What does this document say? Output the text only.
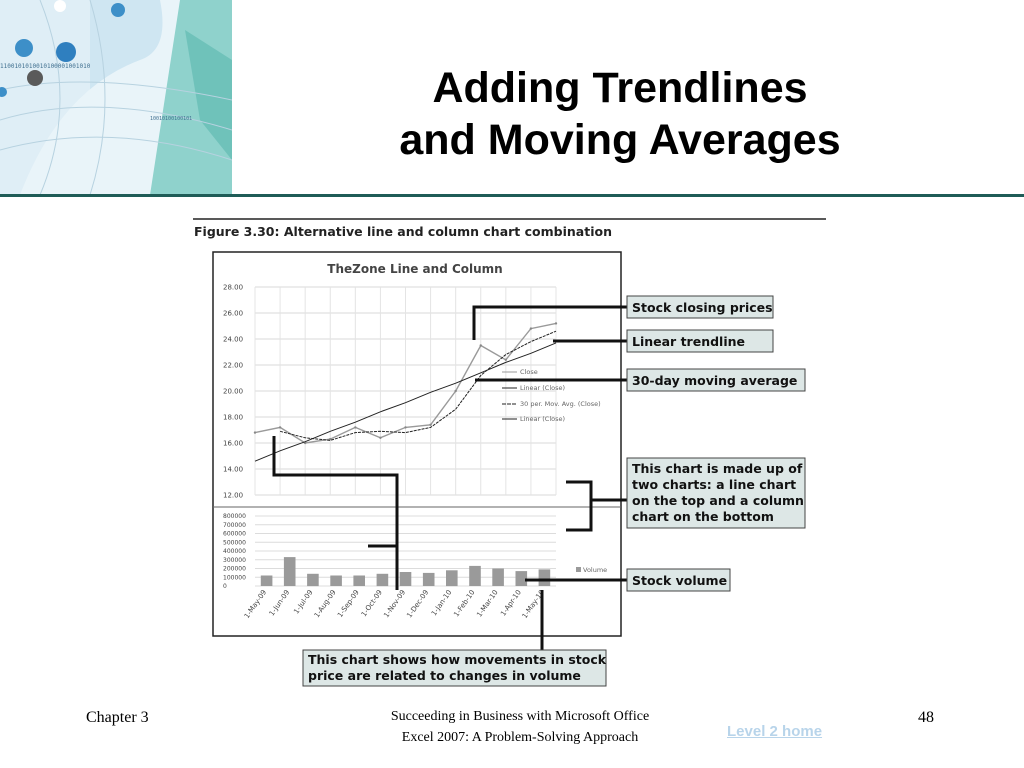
1100101010010100001001010
10010100100101
Adding Trendlines
and Moving Averages
Figure 3.30: Alternative line and column chart combination
TheZone Line and Column
28.00
26.00
24.00
22.00
20.00
18.00
16.00
14.00
12.00
Close
Linear (Close)
30 per. Mov. Avg. (Close)
Linear (Close)
800000
700000
600000
500000
400000
300000
200000
100000
0
Volume
1-May-09 1-Jun-09 1-Jul-09
1-Aug-09
1-Sep-09
1-Oct-09
1-Nov-09
1-Dec-09 1-Jan-10
1-Feb-10
1-Mar-10 1-Apr-10
1-May-10
Stock closing prices
Linear trendline
30-day moving average
This chart is made up of
two charts: a line chart
on the top and a column
chart on the bottom
Stock volume
This chart shows how movements in stock
price are related to changes in volume
Chapter 3	Succeeding in Business with Microsoft Office
Excel 2007: A Problem-Solving Approach
48
Level 2 home
